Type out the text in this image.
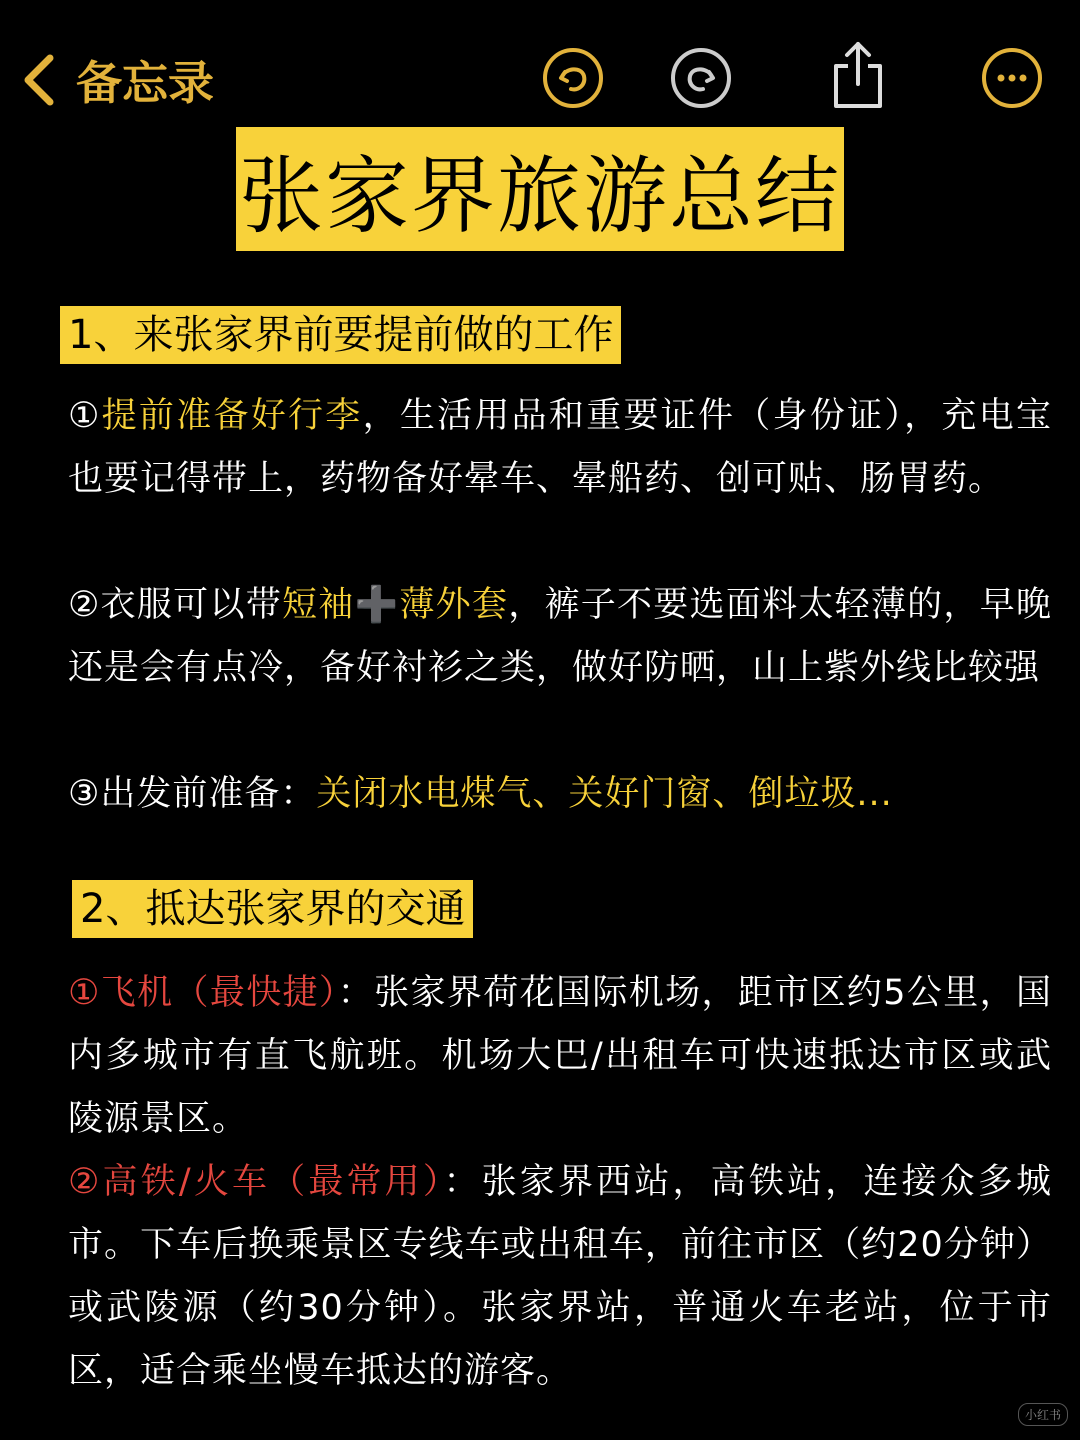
备忘录
张家界旅游总结
1、来张家界前要提前做的工作
①提前准备好行李，生活用品和重要证件（身份证），充电宝也要记得带上，药物备好晕车、晕船药、创可贴、肠胃药。
②衣服可以带短袖➕薄外套，裤子不要选面料太轻薄的，早晚还是会有点冷，备好衬衫之类，做好防晒，山上紫外线比较强
③出发前准备：关闭水电煤气、关好门窗、倒垃圾...
2、抵达张家界的交通
①飞机（最快捷）：张家界荷花国际机场，距市区约5公里，国内多城市有直飞航班。机场大巴/出租车可快速抵达市区或武陵源景区。
②高铁/火车（最常用）：张家界西站，高铁站，连接众多城市。下车后换乘景区专线车或出租车，前往市区（约20分钟）或武陵源（约30分钟）。张家界站，普通火车老站，位于市区，适合乘坐慢车抵达的游客。
小红书
